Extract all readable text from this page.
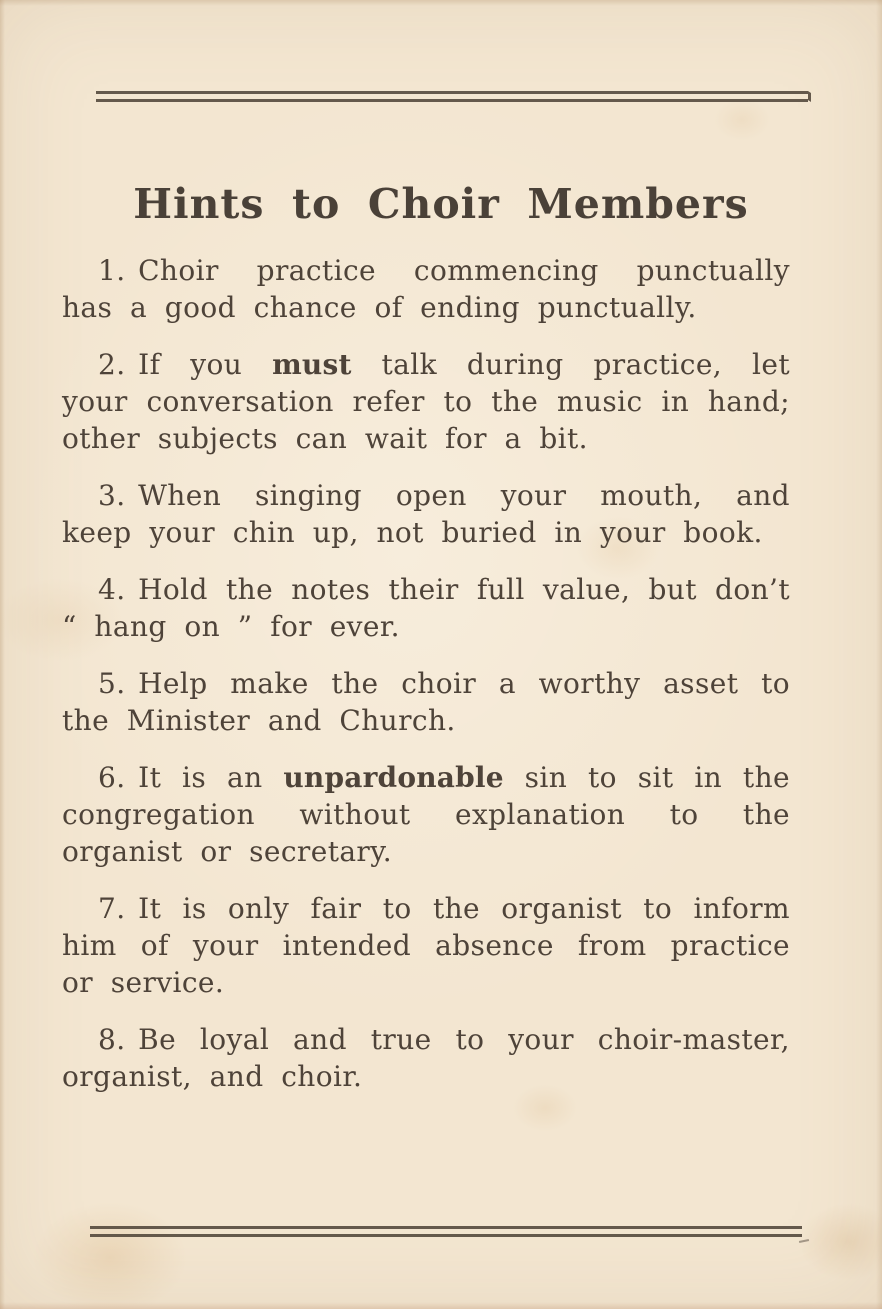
Hints to Choir Members

1. Choir practice commencing punctually has a good chance of ending punctually.

2. If you must talk during practice, let your conversation refer to the music in hand; other subjects can wait for a bit.

3. When singing open your mouth, and keep your chin up, not buried in your book.

4. Hold the notes their full value, but don’t “ hang on ” for ever.

5. Help make the choir a worthy asset to the Minister and Church.

6. It is an unpardonable sin to sit in the congregation without explanation to the organist or secretary.

7. It is only fair to the organist to inform him of your intended absence from practice or service.

8. Be loyal and true to your choir-master, organist, and choir.
